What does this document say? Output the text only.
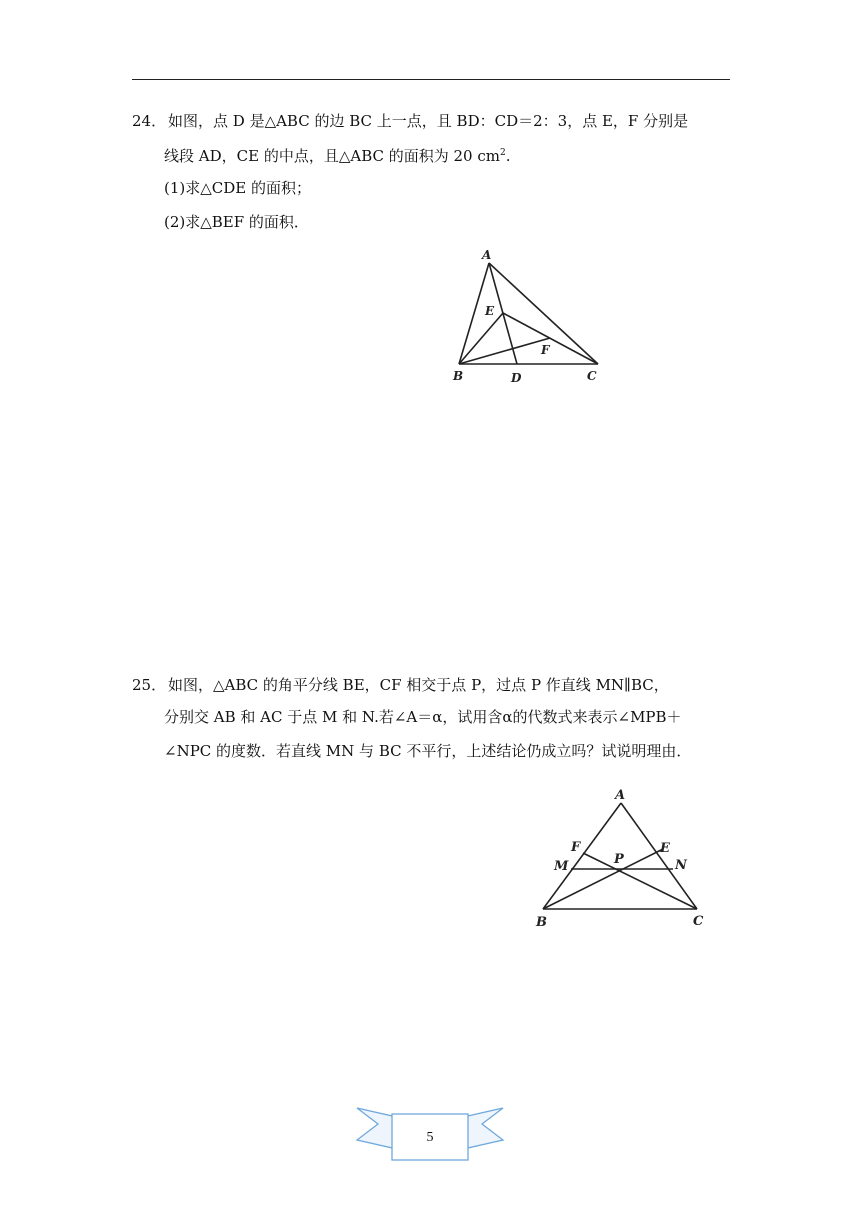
24． 如图，点 D 是△ABC 的边 BC 上一点，且 BD：CD＝2：3，点 E，F 分别是
线段 AD，CE 的中点，且△ABC 的面积为 20 $cm^2$.
(1)求△CDE 的面积；
(2)求△BEF 的面积．
A
E
F
B	D	C
25． 如图，△ABC 的角平分线 BE，CF 相交于点 P，过点 P 作直线 MN∥BC，
分别交 AB 和 AC 于点 M 和 N.若∠A＝α，试用含α的代数式来表示∠MPB＋
∠NPC 的度数．若直线 MN 与 BC 不平行，上述结论仍成立吗？试说明理由．
A
F	E
M	P	N
B	C
5
